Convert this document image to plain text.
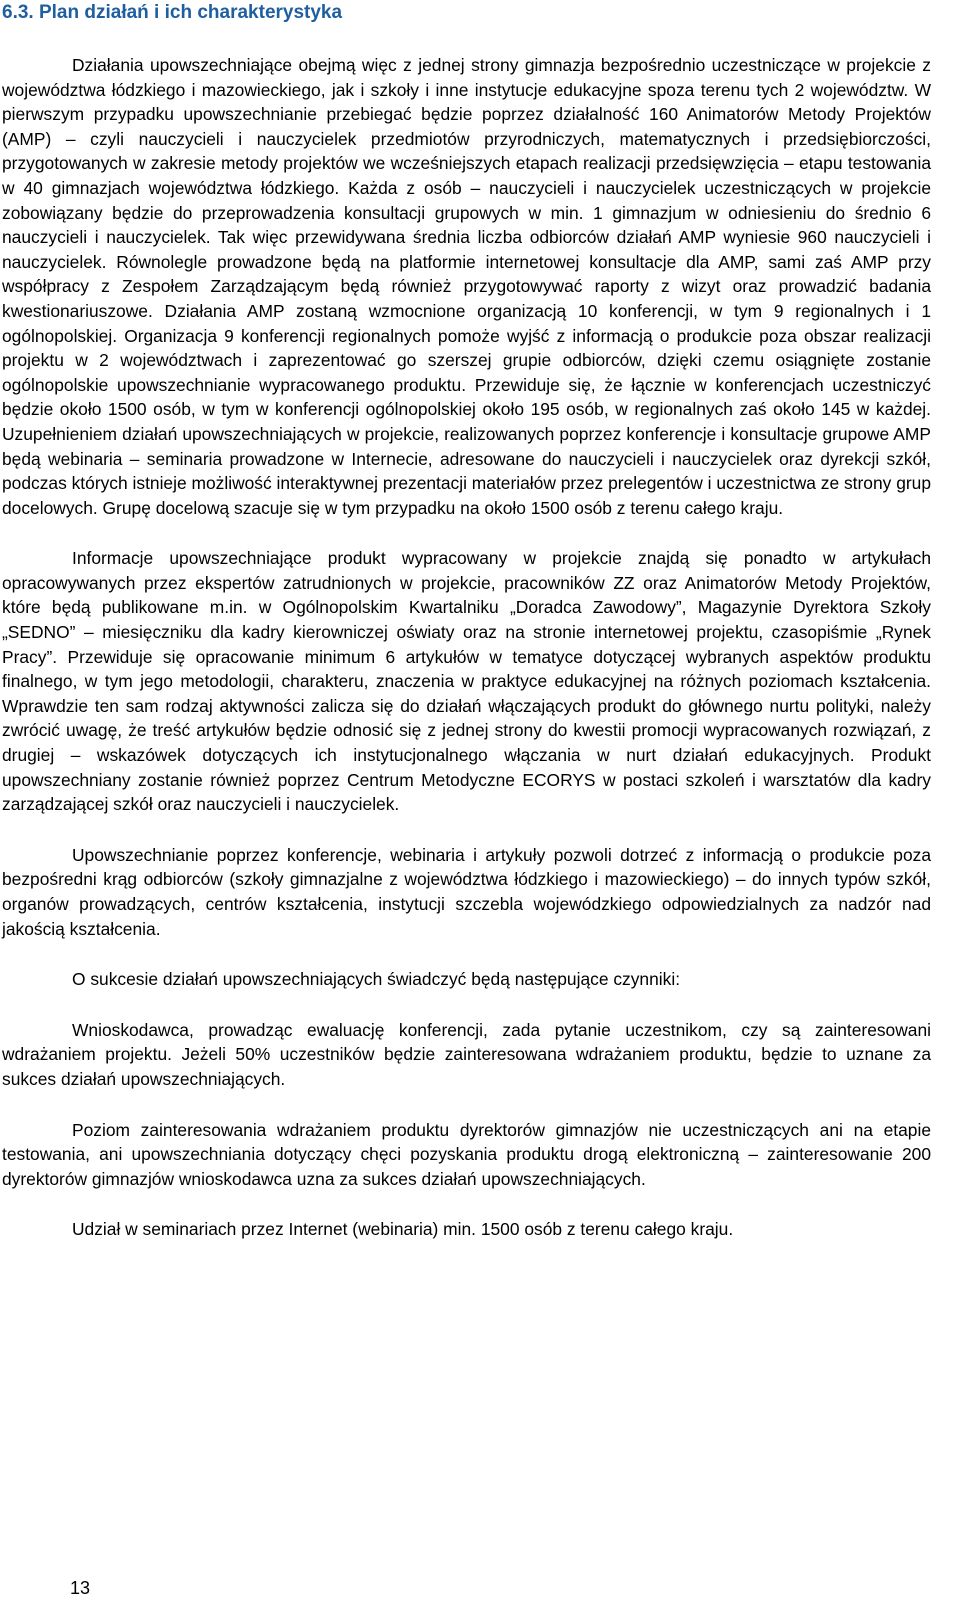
6.3. Plan działań i ich charakterystyka

Działania upowszechniające obejmą więc z jednej strony gimnazja bezpośrednio uczestniczące w projekcie z województwa łódzkiego i mazowieckiego, jak i szkoły i inne instytucje edukacyjne spoza terenu tych 2 województw. W pierwszym przypadku upowszechnianie przebiegać będzie poprzez działalność 160 Animatorów Metody Projektów (AMP) – czyli nauczycieli i nauczycielek przedmiotów przyrodniczych, matematycznych i przedsiębiorczości, przygotowanych w zakresie metody projektów we wcześniejszych etapach realizacji przedsięwzięcia – etapu testowania w 40 gimnazjach województwa łódzkiego. Każda z osób – nauczycieli i nauczycielek uczestniczących w projekcie zobowiązany będzie do przeprowadzenia konsultacji grupowych w min. 1 gimnazjum w odniesieniu do średnio 6 nauczycieli i nauczycielek. Tak więc przewidywana średnia liczba odbiorców działań AMP wyniesie 960 nauczycieli i nauczycielek. Równolegle prowadzone będą na platformie internetowej konsultacje dla AMP, sami zaś AMP przy współpracy z Zespołem Zarządzającym będą również przygotowywać raporty z wizyt oraz prowadzić badania kwestionariuszowe. Działania AMP zostaną wzmocnione organizacją 10 konferencji, w tym 9 regionalnych i 1 ogólnopolskiej. Organizacja 9 konferencji regionalnych pomoże wyjść z informacją o produkcie poza obszar realizacji projektu w 2 województwach i zaprezentować go szerszej grupie odbiorców, dzięki czemu osiągnięte zostanie ogólnopolskie upowszechnianie wypracowanego produktu. Przewiduje się, że łącznie w konferencjach uczestniczyć będzie około 1500 osób, w tym w konferencji ogólnopolskiej około 195 osób, w regionalnych zaś około 145 w każdej. Uzupełnieniem działań upowszechniających w projekcie, realizowanych poprzez konferencje i konsultacje grupowe AMP będą webinaria – seminaria prowadzone w Internecie, adresowane do nauczycieli i nauczycielek oraz dyrekcji szkół, podczas których istnieje możliwość interaktywnej prezentacji materiałów przez prelegentów i uczestnictwa ze strony grup docelowych. Grupę docelową szacuje się w tym przypadku na około 1500 osób z terenu całego kraju.

Informacje upowszechniające produkt wypracowany w projekcie znajdą się ponadto w artykułach opracowywanych przez ekspertów zatrudnionych w projekcie, pracowników ZZ oraz Animatorów Metody Projektów, które będą publikowane m.in. w Ogólnopolskim Kwartalniku „Doradca Zawodowy”, Magazynie Dyrektora Szkoły „SEDNO” – miesięczniku dla kadry kierowniczej oświaty oraz na stronie internetowej projektu, czasopiśmie „Rynek Pracy”. Przewiduje się opracowanie minimum 6 artykułów w tematyce dotyczącej wybranych aspektów produktu finalnego, w tym jego metodologii, charakteru, znaczenia w praktyce edukacyjnej na różnych poziomach kształcenia. Wprawdzie ten sam rodzaj aktywności zalicza się do działań włączających produkt do głównego nurtu polityki, należy zwrócić uwagę, że treść artykułów będzie odnosić się z jednej strony do kwestii promocji wypracowanych rozwiązań, z drugiej – wskazówek dotyczących ich instytucjonalnego włączania w nurt działań edukacyjnych. Produkt upowszechniany zostanie również poprzez Centrum Metodyczne ECORYS w postaci szkoleń i warsztatów dla kadry zarządzającej szkół oraz nauczycieli i nauczycielek.

Upowszechnianie poprzez konferencje, webinaria i artykuły pozwoli dotrzeć z informacją o produkcie poza bezpośredni krąg odbiorców (szkoły gimnazjalne z województwa łódzkiego i mazowieckiego) – do innych typów szkół, organów prowadzących, centrów kształcenia, instytucji szczebla wojewódzkiego odpowiedzialnych za nadzór nad jakością kształcenia.

O sukcesie działań upowszechniających świadczyć będą następujące czynniki:

Wnioskodawca, prowadząc ewaluację konferencji, zada pytanie uczestnikom, czy są zainteresowani wdrażaniem projektu. Jeżeli 50% uczestników będzie zainteresowana wdrażaniem produktu, będzie to uznane za sukces działań upowszechniających.

Poziom zainteresowania wdrażaniem produktu dyrektorów gimnazjów nie uczestniczących ani na etapie testowania, ani upowszechniania dotyczący chęci pozyskania produktu drogą elektroniczną – zainteresowanie 200 dyrektorów gimnazjów wnioskodawca uzna za sukces działań upowszechniających.

Udział w seminariach przez Internet (webinaria) min. 1500 osób z terenu całego kraju.

13
